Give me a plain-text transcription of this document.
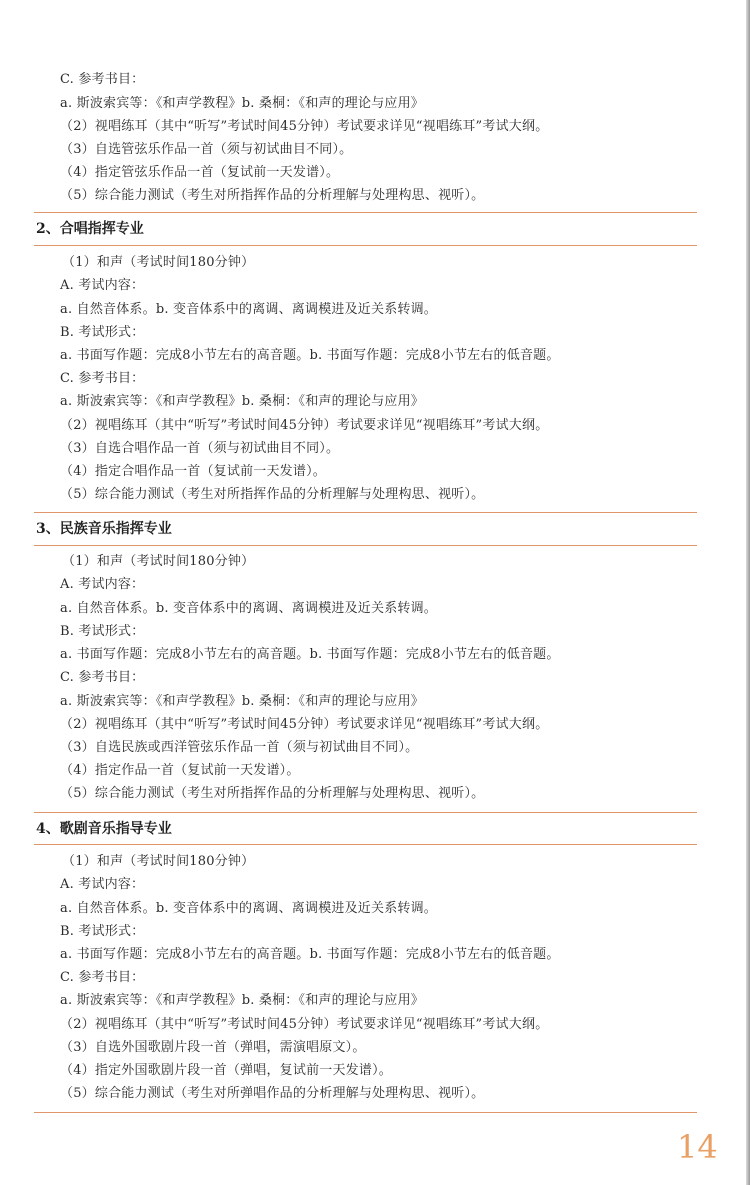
C. 参考书目：
a. 斯波索宾等：《和声学教程》b. 桑桐：《和声的理论与应用》
（2）视唱练耳（其中“听写”考试时间45分钟）考试要求详见“视唱练耳”考试大纲。
（3）自选管弦乐作品一首（须与初试曲目不同）。
（4）指定管弦乐作品一首（复试前一天发谱）。
（5）综合能力测试（考生对所指挥作品的分析理解与处理构思、视听）。
2、合唱指挥专业
（1）和声（考试时间180分钟）
A. 考试内容：
a. 自然音体系。b. 变音体系中的离调、离调模进及近关系转调。
B. 考试形式：
a. 书面写作题：完成8小节左右的高音题。b. 书面写作题：完成8小节左右的低音题。
C. 参考书目：
a. 斯波索宾等：《和声学教程》b. 桑桐：《和声的理论与应用》
（2）视唱练耳（其中“听写”考试时间45分钟）考试要求详见“视唱练耳”考试大纲。
（3）自选合唱作品一首（须与初试曲目不同）。
（4）指定合唱作品一首（复试前一天发谱）。
（5）综合能力测试（考生对所指挥作品的分析理解与处理构思、视听）。
3、民族音乐指挥专业
（1）和声（考试时间180分钟）
A. 考试内容：
a. 自然音体系。b. 变音体系中的离调、离调模进及近关系转调。
B. 考试形式：
a. 书面写作题：完成8小节左右的高音题。b. 书面写作题：完成8小节左右的低音题。
C. 参考书目：
a. 斯波索宾等：《和声学教程》b. 桑桐：《和声的理论与应用》
（2）视唱练耳（其中“听写”考试时间45分钟）考试要求详见“视唱练耳”考试大纲。
（3）自选民族或西洋管弦乐作品一首（须与初试曲目不同）。
（4）指定作品一首（复试前一天发谱）。
（5）综合能力测试（考生对所指挥作品的分析理解与处理构思、视听）。
4、歌剧音乐指导专业
（1）和声（考试时间180分钟）
A. 考试内容：
a. 自然音体系。b. 变音体系中的离调、离调模进及近关系转调。
B. 考试形式：
a. 书面写作题：完成8小节左右的高音题。b. 书面写作题：完成8小节左右的低音题。
C. 参考书目：
a. 斯波索宾等：《和声学教程》b. 桑桐：《和声的理论与应用》
（2）视唱练耳（其中“听写”考试时间45分钟）考试要求详见“视唱练耳”考试大纲。
（3）自选外国歌剧片段一首（弹唱，需演唱原文）。
（4）指定外国歌剧片段一首（弹唱，复试前一天发谱）。
（5）综合能力测试（考生对所弹唱作品的分析理解与处理构思、视听）。
14
